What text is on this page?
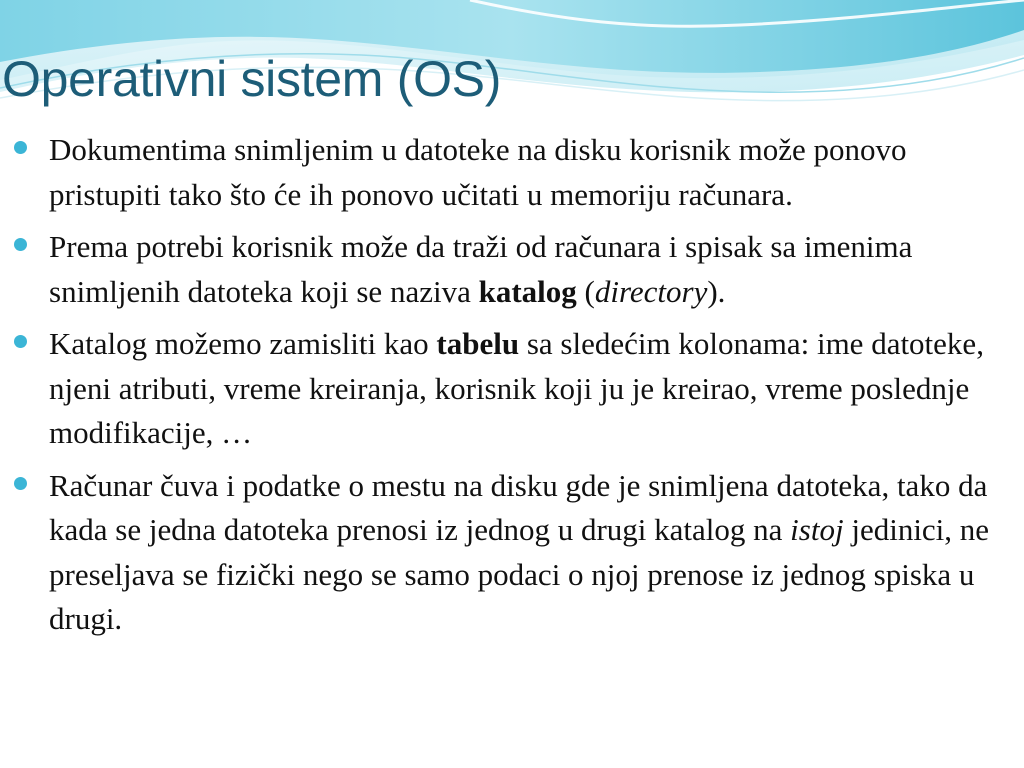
Operativni sistem (OS)
Dokumentima snimljenim u datoteke na disku korisnik može ponovo pristupiti tako što će ih ponovo učitati u memoriju računara.
Prema potrebi korisnik može da traži od računara i spisak sa imenima snimljenih datoteka koji se naziva katalog (directory).
Katalog možemo zamisliti kao tabelu sa sledećim kolonama: ime datoteke, njeni atributi, vreme kreiranja, korisnik koji ju je kreirao, vreme poslednje modifikacije, …
Računar čuva i podatke o mestu na disku gde je snimljena datoteka, tako da kada se jedna datoteka prenosi iz jednog u drugi katalog na istoj jedinici, ne preseljava se fizički nego se samo podaci o njoj prenose iz jednog spiska u drugi.
